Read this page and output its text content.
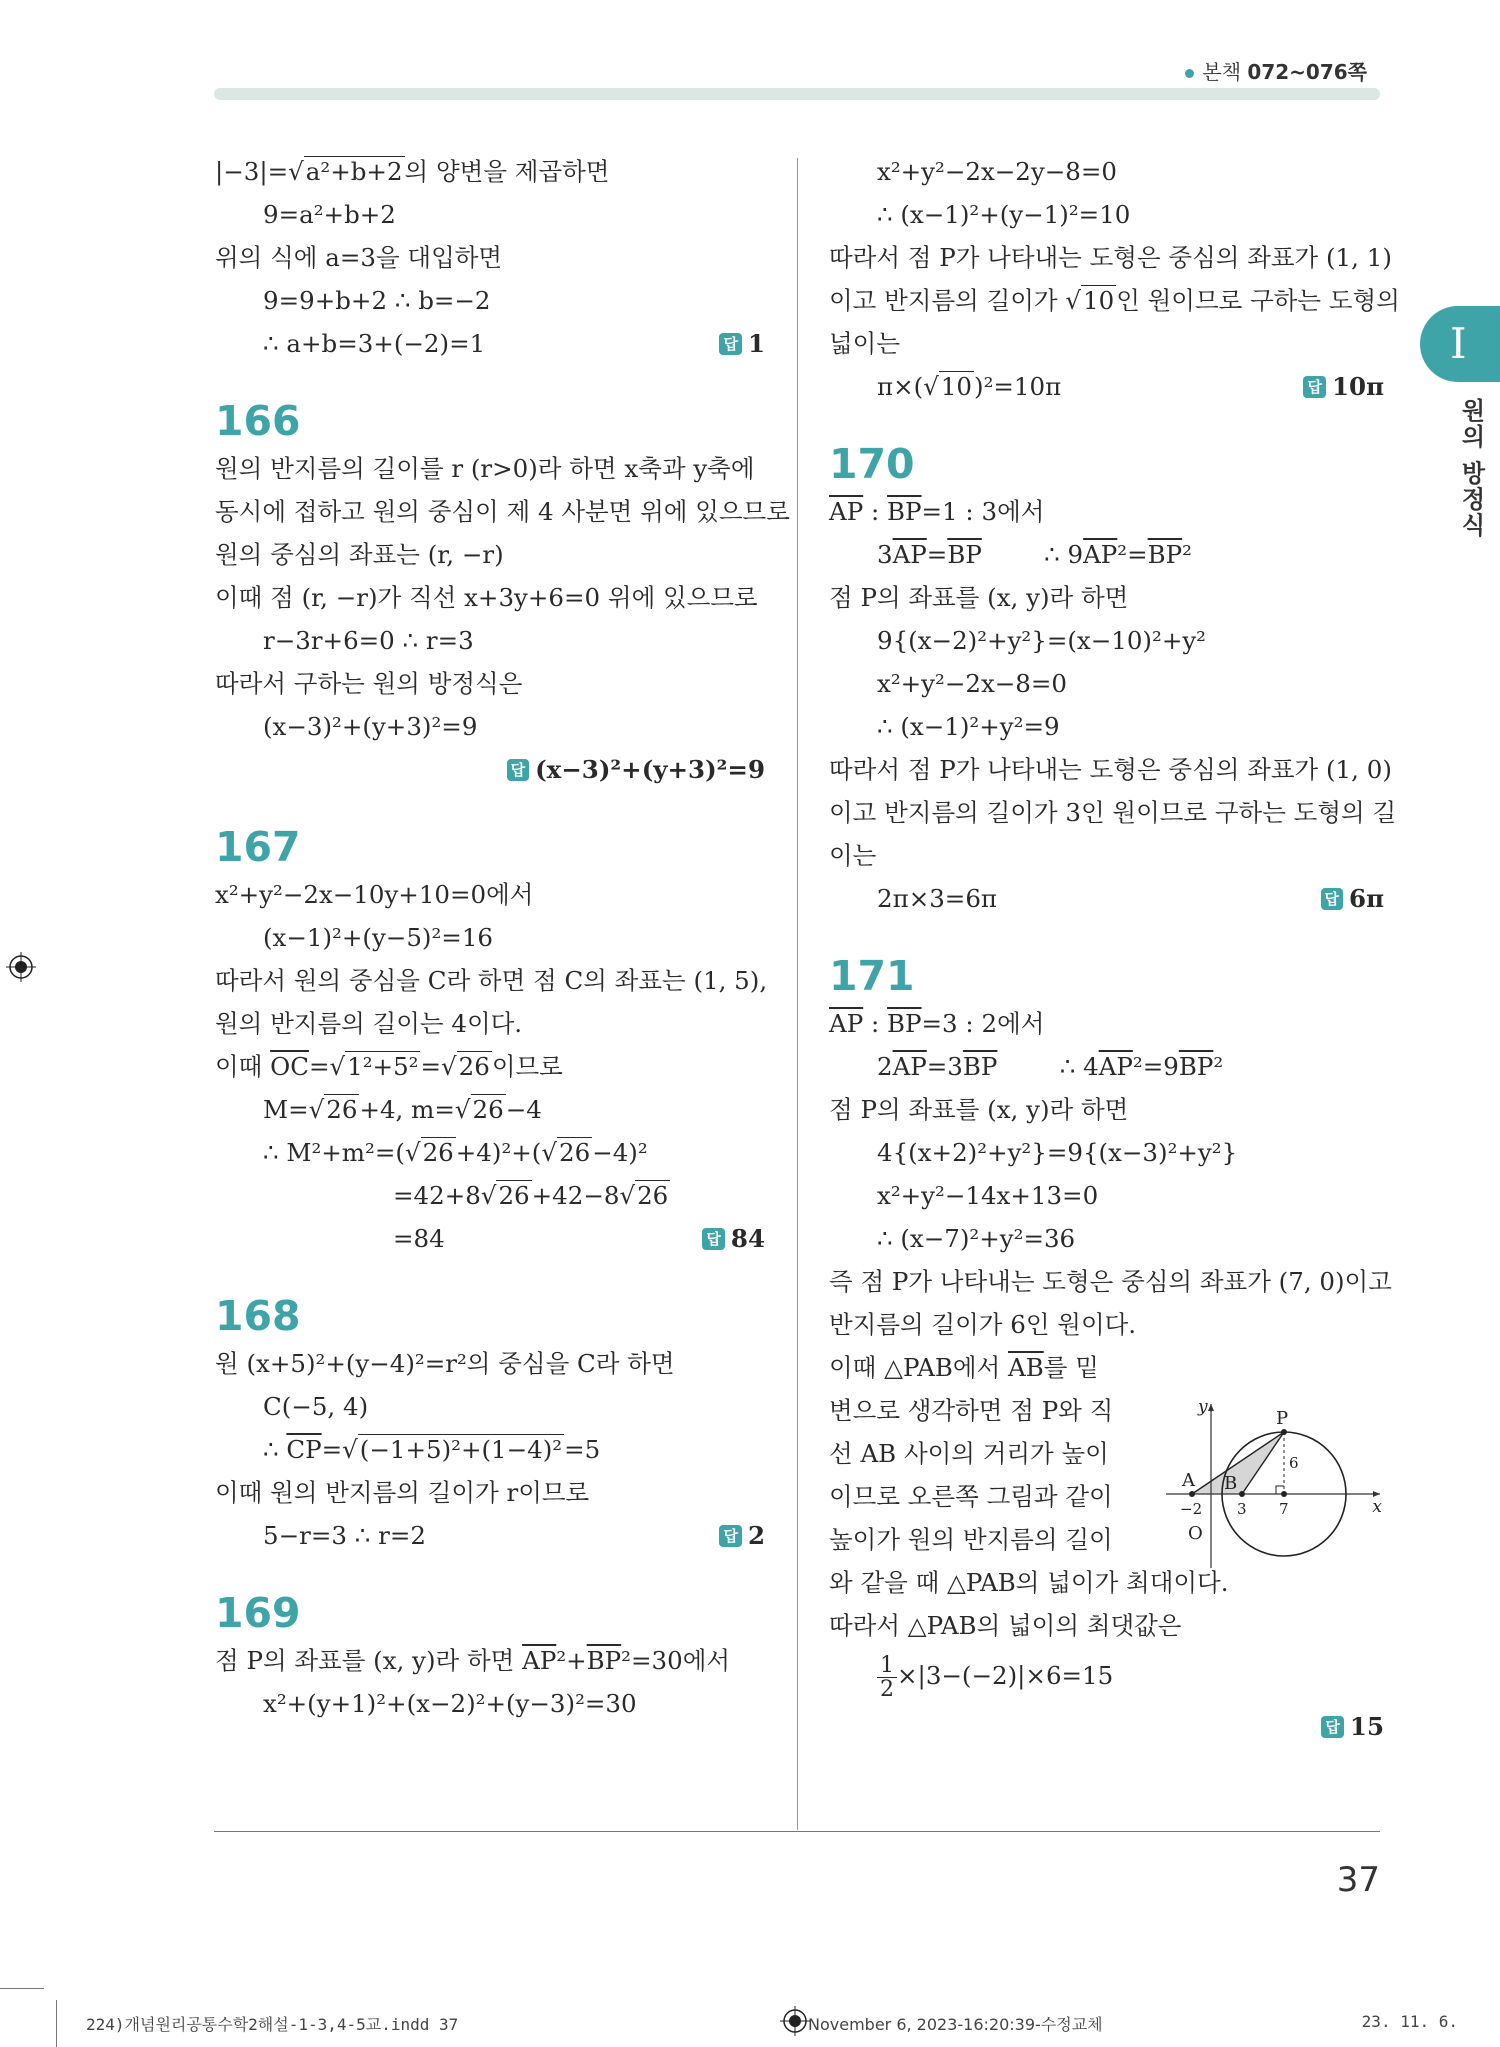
본책 072~076쪽
I
원의 방정식
|−3|=√a²+b+2의 양변을 제곱하면
9=a²+b+2
위의 식에 a=3을 대입하면
9=9+b+2 ∴ b=−2
∴ a+b=3+(−2)=1	답 1
166
원의 반지름의 길이를 r (r>0)라 하면 x축과 y축에
동시에 접하고 원의 중심이 제 4 사분면 위에 있으므로
원의 중심의 좌표는 (r, −r)
이때 점 (r, −r)가 직선 x+3y+6=0 위에 있으므로
r−3r+6=0 ∴ r=3
따라서 구하는 원의 방정식은
(x−3)²+(y+3)²=9
답 (x−3)²+(y+3)²=9
167
x²+y²−2x−10y+10=0에서
(x−1)²+(y−5)²=16
따라서 원의 중심을 C라 하면 점 C의 좌표는 (1, 5),
원의 반지름의 길이는 4이다.
이때 $\overline{OC}=√1^2+5^2=√26$이므로
M=√26+4, m=√26−4
∴ M²+m²=(√26+4)²+(√26−4)²
=42+8√26+42−8√26
=84	답 84
168
원 (x+5)²+(y−4)²=r²의 중심을 C라 하면
C(−5, 4)
∴ $\overline{CP}=√(-1+5)^2+(1-4)^2=5$
이때 원의 반지름의 길이가 r이므로
5−r=3 ∴ r=2	답 2
169
점 P의 좌표를 (x, y)라 하면 $\overline{AP}^2+\overline{BP}^2=30$에서
x²+(y+1)²+(x−2)²+(y−3)²=30
x²+y²−2x−2y−8=0
∴ (x−1)²+(y−1)²=10
따라서 점 P가 나타내는 도형은 중심의 좌표가 (1, 1)
이고 반지름의 길이가 √10인 원이므로 구하는 도형의
넓이는
π×(√10)²=10π	답 10π
170
$\overline{AP}$ : $\overline{BP}=1$ : 3에서
$3\overline{AP}=\overline{BP}$        ∴ $9\overline{AP}^2=\overline{BP}^2$
점 P의 좌표를 (x, y)라 하면
9{(x−2)²+y²}=(x−10)²+y²
x²+y²−2x−8=0
∴ (x−1)²+y²=9
따라서 점 P가 나타내는 도형은 중심의 좌표가 (1, 0)
이고 반지름의 길이가 3인 원이므로 구하는 도형의 길
이는
2π×3=6π	답 6π
171
$\overline{AP}$ : $\overline{BP}=3$ : 2에서
$2\overline{AP}=3\overline{BP}$        ∴ $4\overline{AP}^2=9\overline{BP}^2$
점 P의 좌표를 (x, y)라 하면
4{(x+2)²+y²}=9{(x−3)²+y²}
x²+y²−14x+13=0
∴ (x−7)²+y²=36
즉 점 P가 나타내는 도형은 중심의 좌표가 (7, 0)이고
반지름의 길이가 6인 원이다.
이때 △PAB에서 $\overline{AB}$를 밑
변으로 생각하면 점 P와 직
선 AB 사이의 거리가 높이
이므로 오른쪽 그림과 같이
높이가 원의 반지름의 길이
와 같을 때 △PAB의 넓이가 최대이다.
따라서 △PAB의 넓이의 최댓값은
$\frac{1}{2} \times|3-(-2)|\times 6=15$
답 15
x
y
O
P
A B
−2 3 7
6
37
224)개념원리공통수학2해설-1-3,4-5교.indd 37	November 6, 2023-16:20:39-수정교체	23. 11. 6.
